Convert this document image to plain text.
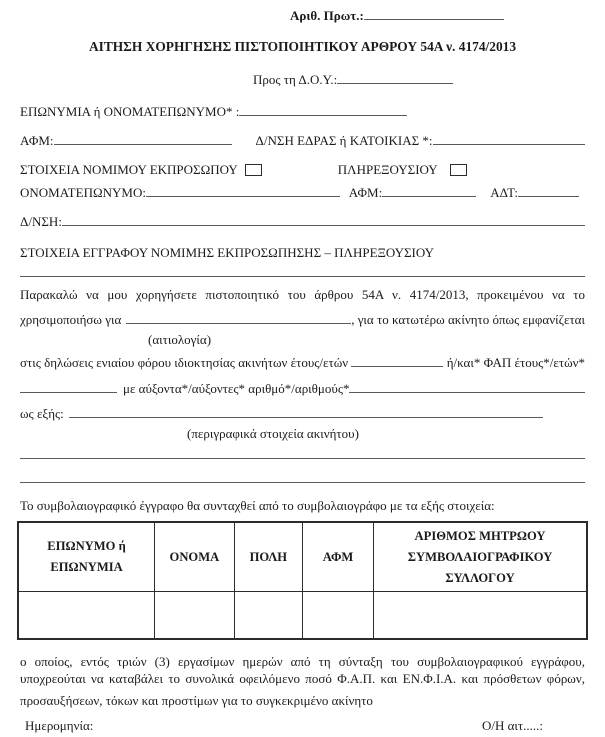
Αριθ. Πρωτ.:
ΑΙΤΗΣΗ ΧΟΡΗΓΗΣΗΣ ΠΙΣΤΟΠΟΙΗΤΙΚΟΥ ΑΡΘΡΟΥ 54Α ν. 4174/2013
Προς τη Δ.Ο.Υ.:
ΕΠΩΝΥΜΙΑ ή ΟΝΟΜΑΤΕΠΩΝΥΜΟ* :
ΑΦΜ:	Δ/ΝΣΗ ΕΔΡΑΣ ή ΚΑΤΟΙΚΙΑΣ *:
ΣΤΟΙΧΕΙΑ ΝΟΜΙΜΟΥ ΕΚΠΡΟΣΩΠΟΥ	ΠΛΗΡΕΞΟΥΣΙΟΥ
ΟΝΟΜΑΤΕΠΩΝΥΜΟ:	ΑΦΜ:	ΑΔΤ:
Δ/ΝΣΗ:
ΣΤΟΙΧΕΙΑ ΕΓΓΡΑΦΟΥ ΝΟΜΙΜΗΣ ΕΚΠΡΟΣΩΠΗΣΗΣ – ΠΛΗΡΕΞΟΥΣΙΟΥ
Παρακαλώ να μου χορηγήσετε πιστοποιητικό του άρθρου 54Α ν. 4174/2013, προκειμένου να το
χρησιμοποιήσω για	, για το κατωτέρω ακίνητο όπως εμφανίζεται
(αιτιολογία)
στις δηλώσεις ενιαίου φόρου ιδιοκτησίας ακινήτων έτους/ετών	ή/και* ΦΑΠ έτους*/ετών*
με αύξοντα*/αύξοντες* αριθμό*/αριθμούς*
ως εξής:
(περιγραφικά στοιχεία ακινήτου)
Το συμβολαιογραφικό έγγραφο θα συνταχθεί από το συμβολαιογράφο με τα εξής στοιχεία:
ΕΠΩΝΥΜΟ ή ΕΠΩΝΥΜΙΑ	ΟΝΟΜΑ	ΠΟΛΗ	ΑΦΜ	ΑΡΙΘΜΟΣ ΜΗΤΡΩΟΥ ΣΥΜΒΟΛΑΙΟΓΡΑΦΙΚΟΥ ΣΥΛΛΟΓΟΥ

ο οποίος, εντός τριών (3) εργασίμων ημερών από τη σύνταξη του συμβολαιογραφικού εγγράφου,
υποχρεούται να καταβάλει το συνολικά οφειλόμενο ποσό Φ.Α.Π. και ΕΝ.Φ.Ι.Α. και πρόσθετων φόρων,
προσαυξήσεων, τόκων και προστίμων για το συγκεκριμένο ακίνητο
Ημερομηνία:	Ο/Η αιτ.....:
